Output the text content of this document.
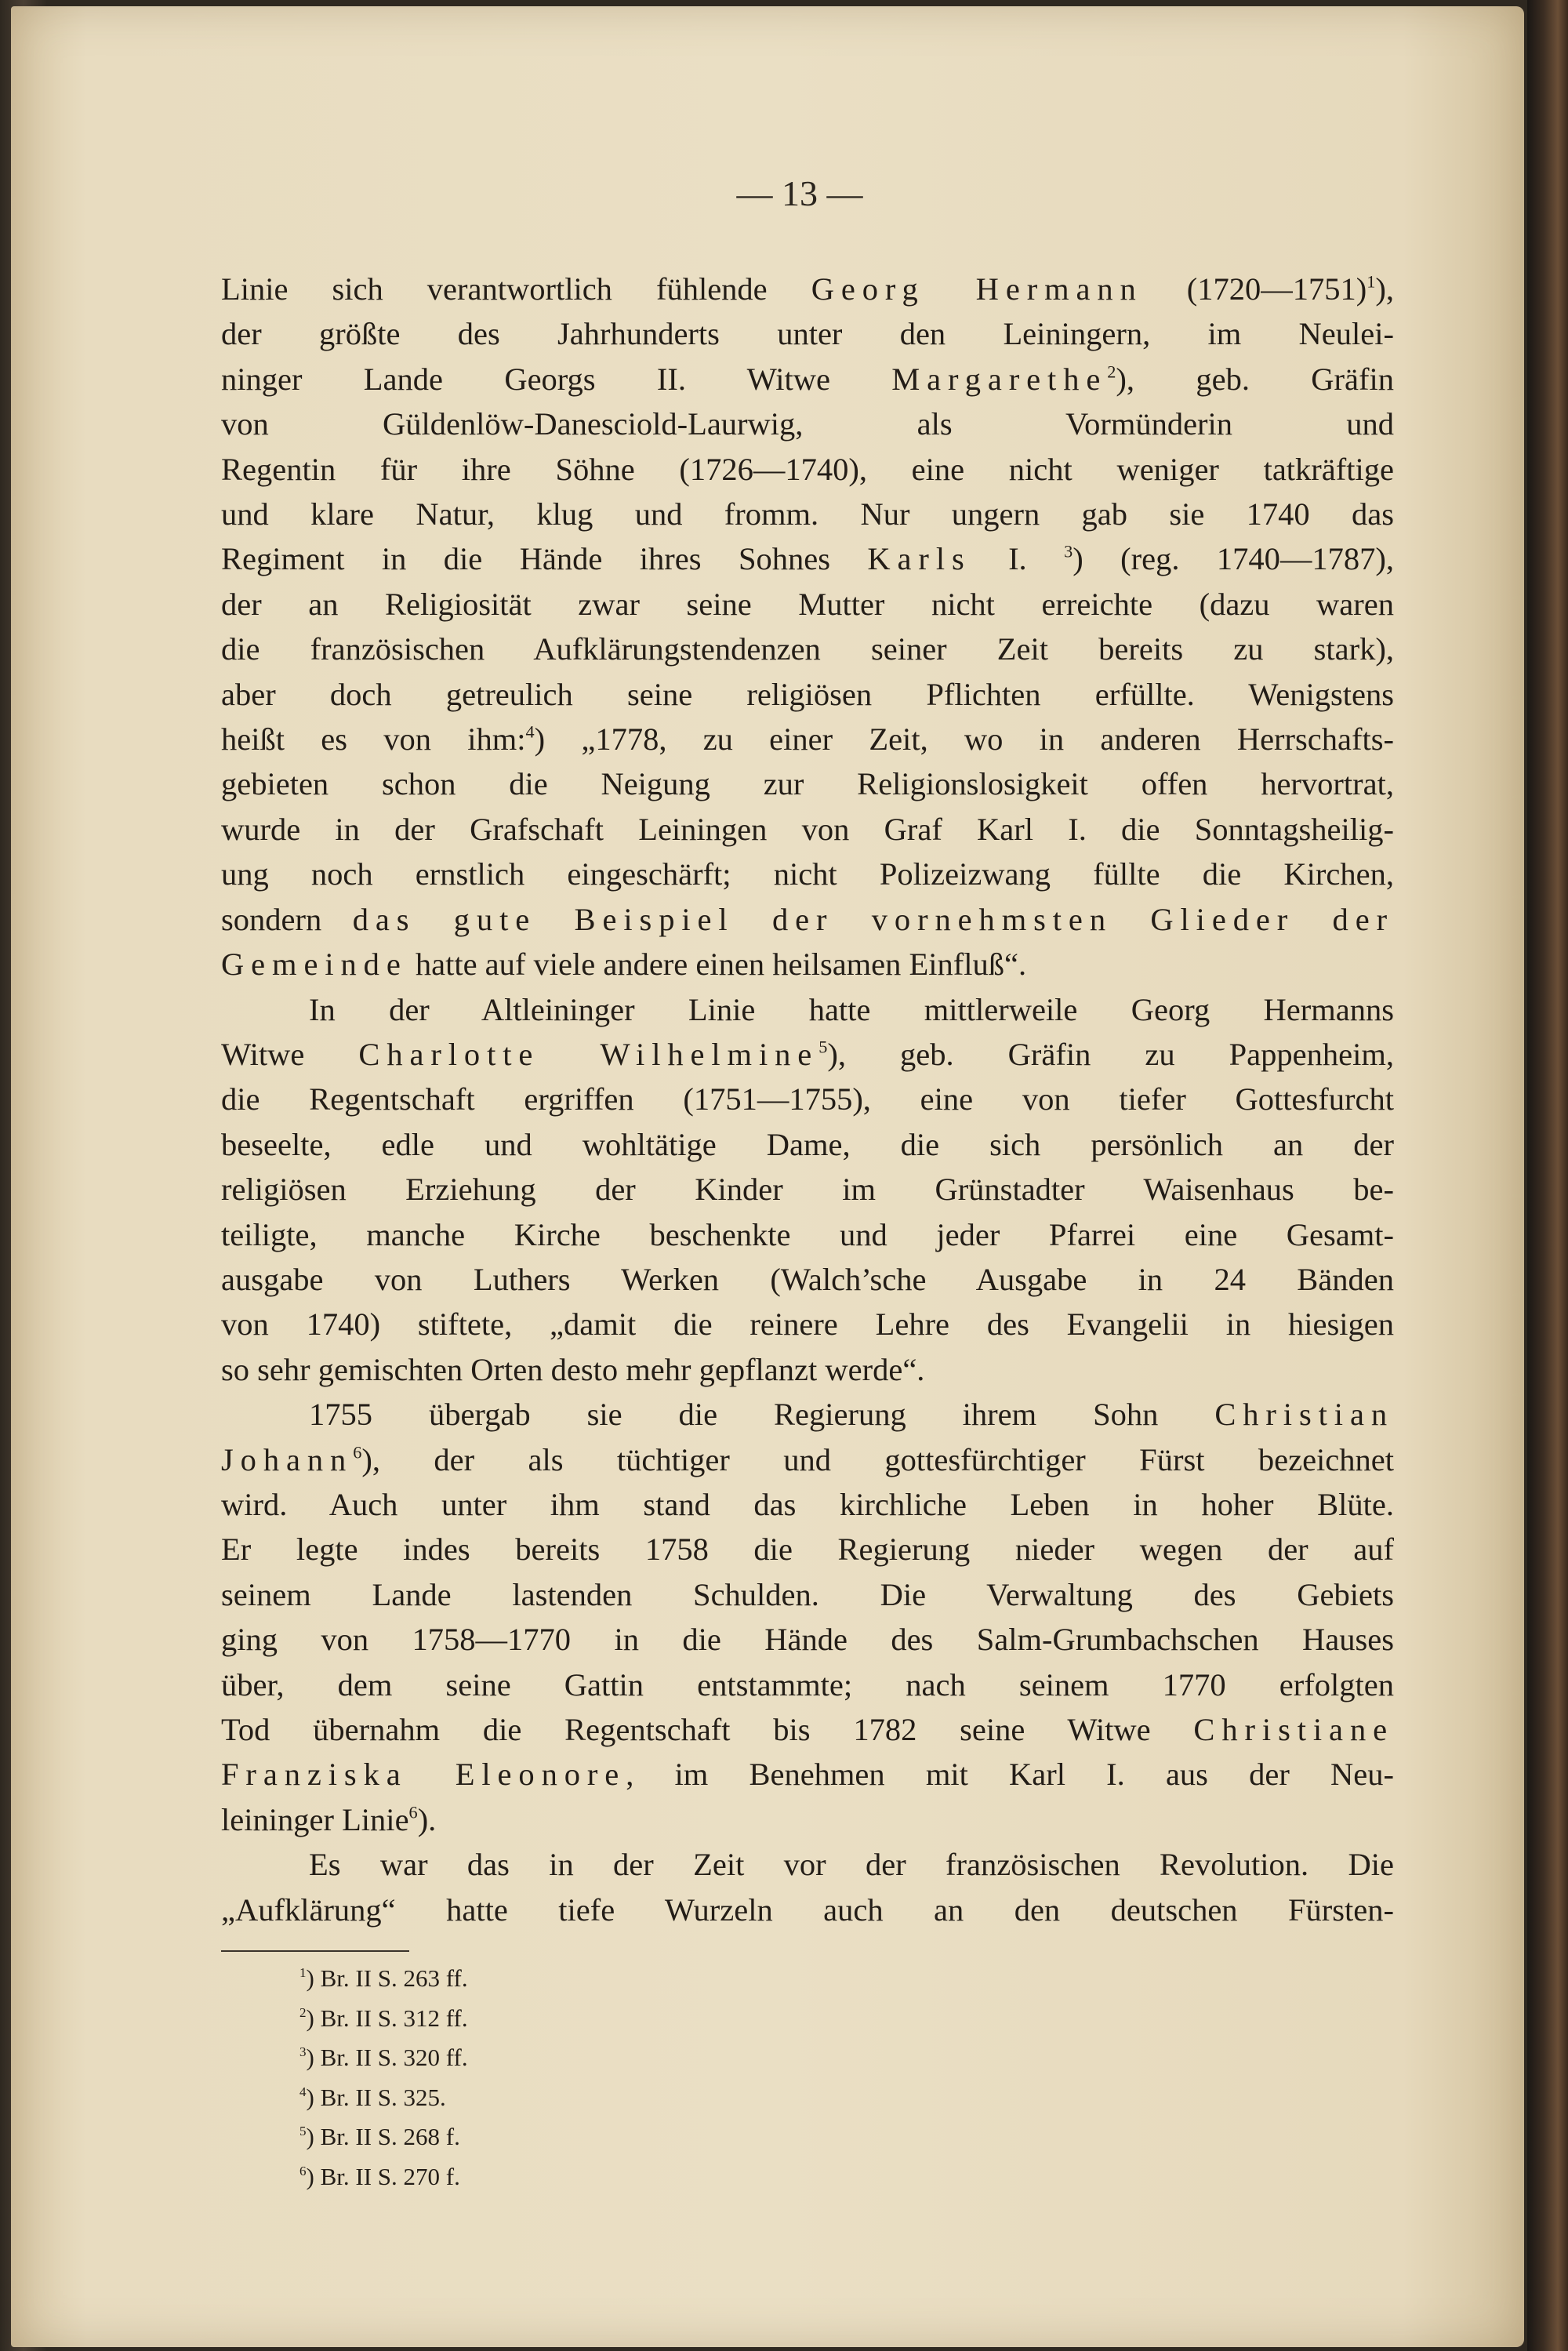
— 13 —
Linie sich verantwortlich fühlende Georg Hermann (1720—1751)$^1$),
der größte des Jahrhunderts unter den Leiningern, im Neulei-
ninger Lande Georgs II. Witwe Margarethe$^2$), geb. Gräfin
von Güldenlöw-Danesciold-Laurwig, als Vormünderin und
Regentin für ihre Söhne (1726—1740), eine nicht weniger tatkräftige
und klare Natur, klug und fromm. Nur ungern gab sie 1740 das
Regiment in die Hände ihres Sohnes Karls I. $^3$) (reg. 1740—1787),
der an Religiosität zwar seine Mutter nicht erreichte (dazu waren
die französischen Aufklärungstendenzen seiner Zeit bereits zu stark),
aber doch getreulich seine religiösen Pflichten erfüllte. Wenigstens
heißt es von ihm:$^4$) „1778, zu einer Zeit, wo in anderen Herrschafts-
gebieten schon die Neigung zur Religionslosigkeit offen hervortrat,
wurde in der Grafschaft Leiningen von Graf Karl I. die Sonntagsheilig-
ung noch ernstlich eingeschärft; nicht Polizeizwang füllte die Kirchen,
sondern das gute Beispiel der vornehmsten Glieder der
Gemeinde hatte auf viele andere einen heilsamen Einfluß“.
In der Altleininger Linie hatte mittlerweile Georg Hermanns
Witwe Charlotte Wilhelmine$^5$), geb. Gräfin zu Pappenheim,
die Regentschaft ergriffen (1751—1755), eine von tiefer Gottesfurcht
beseelte, edle und wohltätige Dame, die sich persönlich an der
religiösen Erziehung der Kinder im Grünstadter Waisenhaus be-
teiligte, manche Kirche beschenkte und jeder Pfarrei eine Gesamt-
ausgabe von Luthers Werken (Walch’sche Ausgabe in 24 Bänden
von 1740) stiftete, „damit die reinere Lehre des Evangelii in hiesigen
so sehr gemischten Orten desto mehr gepflanzt werde“.
1755 übergab sie die Regierung ihrem Sohn Christian
Johann$^6$), der als tüchtiger und gottesfürchtiger Fürst bezeichnet
wird. Auch unter ihm stand das kirchliche Leben in hoher Blüte.
Er legte indes bereits 1758 die Regierung nieder wegen der auf
seinem Lande lastenden Schulden. Die Verwaltung des Gebiets
ging von 1758—1770 in die Hände des Salm-Grumbachschen Hauses
über, dem seine Gattin entstammte; nach seinem 1770 erfolgten
Tod übernahm die Regentschaft bis 1782 seine Witwe Christiane
Franziska Eleonore, im Benehmen mit Karl I. aus der Neu-
leininger Linie$^6$).
Es war das in der Zeit vor der französischen Revolution. Die
„Aufklärung“ hatte tiefe Wurzeln auch an den deutschen Fürsten-
$^1$) Br. II S. 263 ff.
$^2$) Br. II S. 312 ff.
$^3$) Br. II S. 320 ff.
$^4$) Br. II S. 325.
$^5$) Br. II S. 268 f.
$^6$) Br. II S. 270 f.
